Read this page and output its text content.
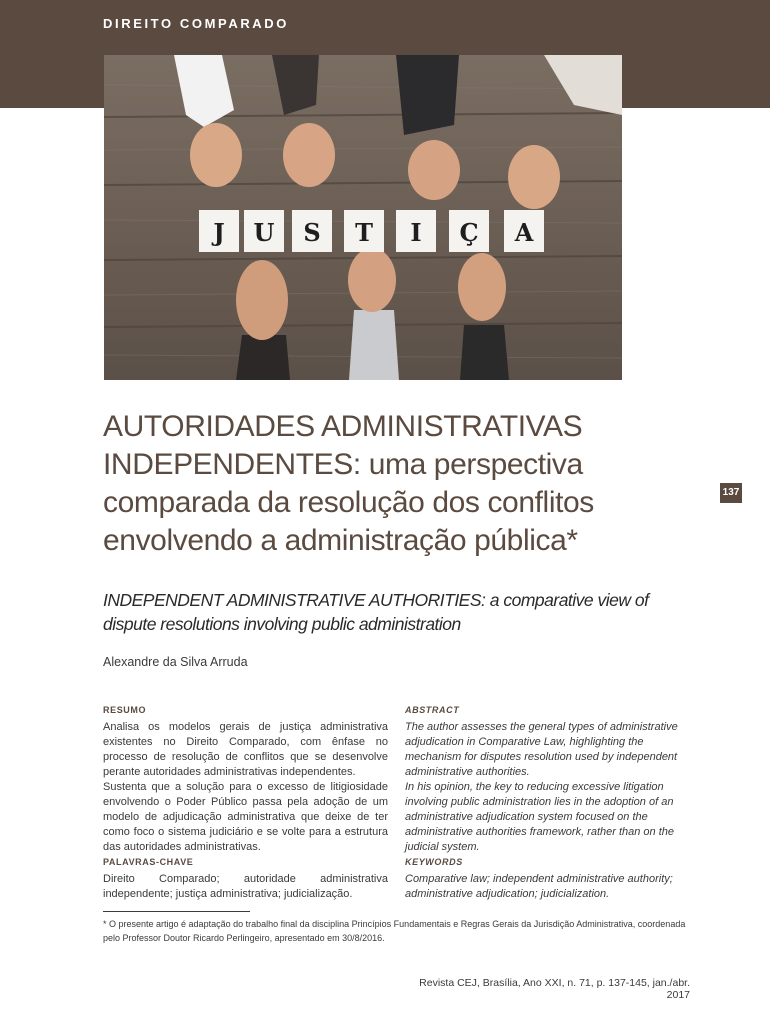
DIREITO COMPARADO
J U S T I Ç A
137
AUTORIDADES ADMINISTRATIVAS INDEPENDENTES: uma perspectiva comparada da resolução dos conflitos envolvendo a administração pública*

INDEPENDENT ADMINISTRATIVE AUTHORITIES: a comparative view of dispute resolutions involving public administration

Alexandre da Silva Arruda
RESUMO

Analisa os modelos gerais de justiça administrativa existentes no Direito Comparado, com ênfase no processo de resolução de conflitos que se desenvolve perante autoridades administrativas independentes.

Sustenta que a solução para o excesso de litigiosidade envolvendo o Poder Público passa pela adoção de um modelo de adjudicação administrativa que deixe de ter como foco o sistema judiciário e se volte para a estrutura das autoridades administrativas.

ABSTRACT

The author assesses the general types of administrative adjudication in Comparative Law, highlighting the mechanism for disputes resolution used by independent administrative authorities.

In his opinion, the key to reducing excessive litigation involving public administration lies in the adoption of an administrative adjudication system focused on the administrative authorities framework, rather than on the judicial system.

PALAVRAS-CHAVE

Direito Comparado; autoridade administrativa independente; justiça administrativa; judicialização.

KEYWORDS

Comparative law; independent administrative authority; administrative adjudication; judicialization.

* O presente artigo é adaptação do trabalho final da disciplina Princípios Fundamentais e Regras Gerais da Jurisdição Administrativa, coordenada pelo Professor Doutor Ricardo Perlingeiro, apresentado em 30/8/2016.

Revista CEJ, Brasília, Ano XXI, n. 71, p. 137-145, jan./abr. 2017
